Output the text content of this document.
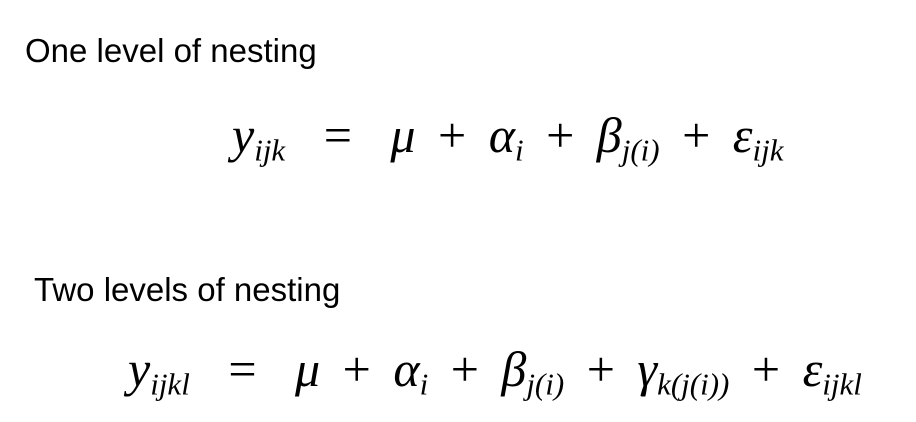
One level of nesting
$y_{ijk} = \mu + \alpha_i + \beta_{j(i)} + \varepsilon_{ijk}$
Two levels of nesting
$y_{ijkl} = \mu + \alpha_i + \beta_{j(i)} + \gamma_{k(j(i))} + \varepsilon_{ijkl}$
